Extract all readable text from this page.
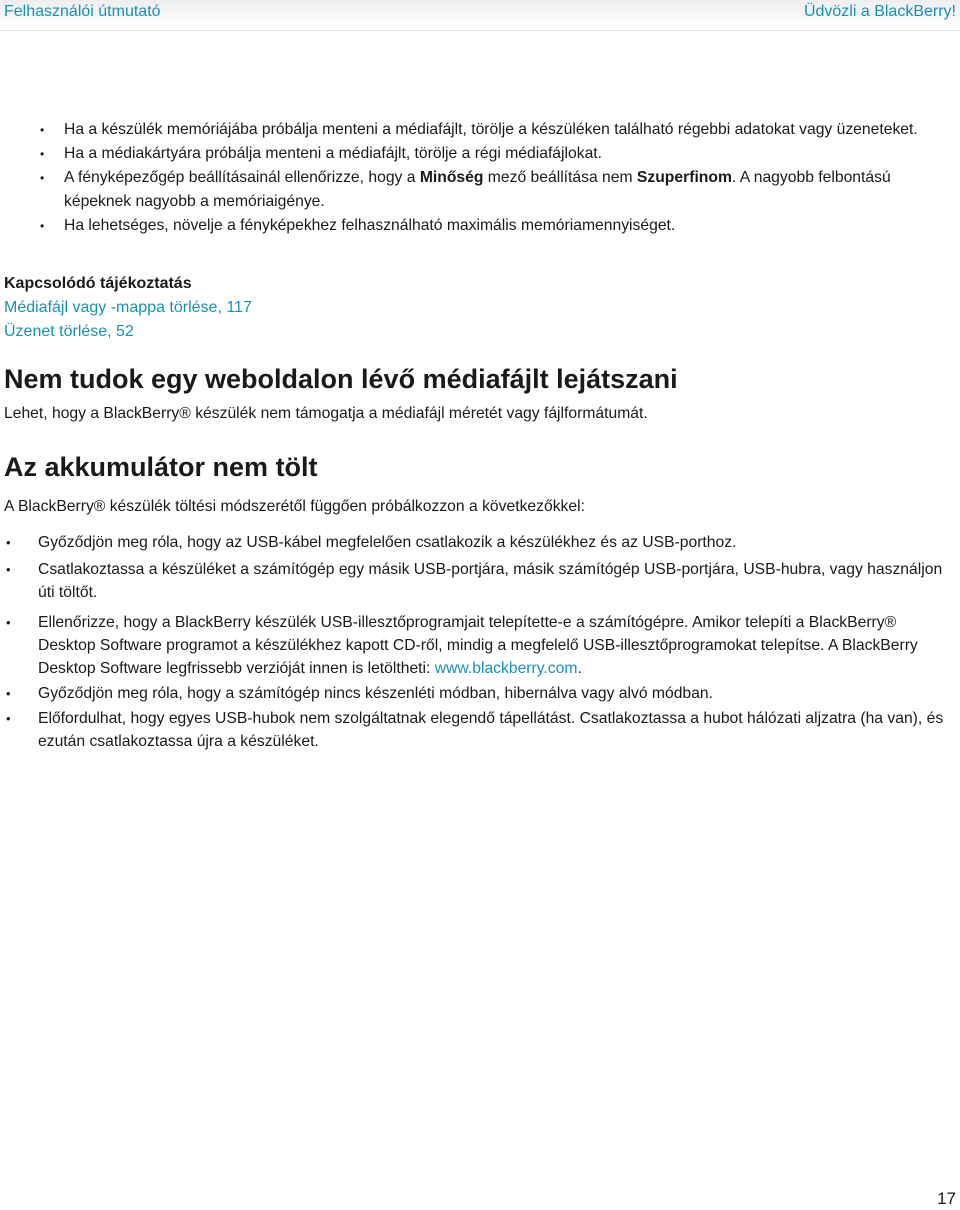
Felhasználói útmutató	Üdvözli a BlackBerry!
• Ha a készülék memóriájába próbálja menteni a médiafájlt, törölje a készüléken található régebbi adatokat vagy üzeneteket.
• Ha a médiakártyára próbálja menteni a médiafájlt, törölje a régi médiafájlokat.
• A fényképezőgép beállításainál ellenőrizze, hogy a Minőség mező beállítása nem Szuperfinom. A nagyobb felbontású képeknek nagyobb a memóriaigénye.
• Ha lehetséges, növelje a fényképekhez felhasználható maximális memóriamennyiséget.
Kapcsolódó tájékoztatás
Médiafájl vagy -mappa törlése, 117
Üzenet törlése, 52
Nem tudok egy weboldalon lévő médiafájlt lejátszani

Lehet, hogy a BlackBerry® készülék nem támogatja a médiafájl méretét vagy fájlformátumát.

Az akkumulátor nem tölt

A BlackBerry® készülék töltési módszerétől függően próbálkozzon a következőkkel:

• Győződjön meg róla, hogy az USB-kábel megfelelően csatlakozik a készülékhez és az USB-porthoz.
• Csatlakoztassa a készüléket a számítógép egy másik USB-portjára, másik számítógép USB-portjára, USB-hubra, vagy használjon úti töltőt.
• Ellenőrizze, hogy a BlackBerry készülék USB-illesztőprogramjait telepítette-e a számítógépre. Amikor telepíti a BlackBerry® Desktop Software programot a készülékhez kapott CD-ről, mindig a megfelelő USB-illesztőprogramokat telepítse. A BlackBerry Desktop Software legfrissebb verzióját innen is letöltheti: www.blackberry.com.
• Győződjön meg róla, hogy a számítógép nincs készenléti módban, hibernálva vagy alvó módban.
• Előfordulhat, hogy egyes USB-hubok nem szolgáltatnak elegendő tápellátást. Csatlakoztassa a hubot hálózati aljzatra (ha van), és ezután csatlakoztassa újra a készüléket.
17
